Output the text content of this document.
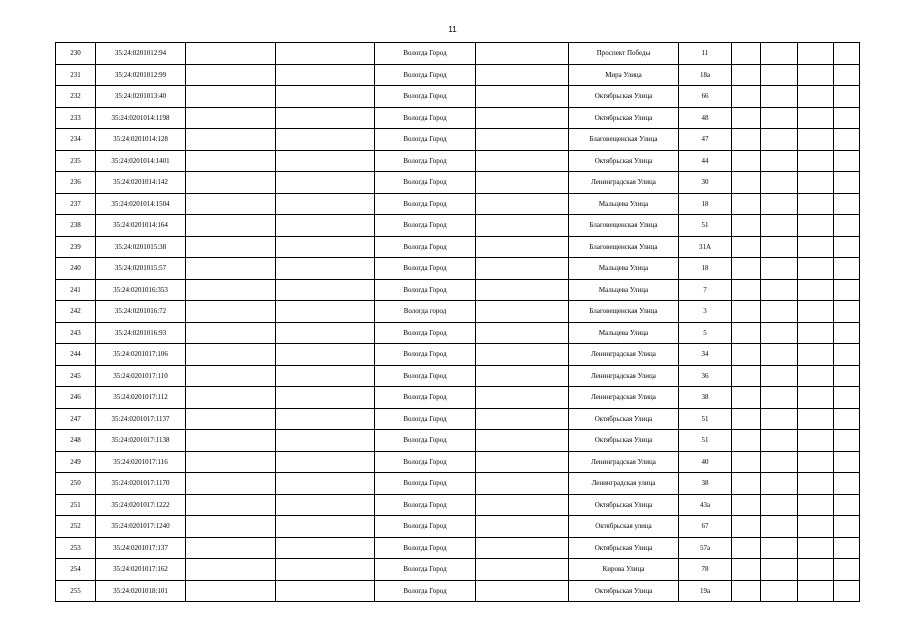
11
230	35:24:0201012:94			Вологда Город		Проспект Победы	11				
231	35:24:0201012:99			Вологда Город		Мира Улица	18а				
232	35:24:0201013:40			Вологда Город		Октябрьская Улица	66				
233	35:24:0201014:1198			Вологда Город		Октябрьская Улица	48				
234	35:24:0201014:128			Вологда Город		Благовещенская Улица	47				
235	35:24:0201014:1401			Вологда Город		Октябрьская Улица	44				
236	35:24:0201014:142			Вологда Город		Ленинградская Улица	30				
237	35:24:0201014:1504			Вологда Город		Мальцева Улица	18				
238	35:24:0201014:164			Вологда Город		Благовещенская Улица	51				
239	35:24:0201015:38			Вологда Город		Благовещенская Улица	31А				
240	35:24:0201015:57			Вологда Город		Мальцева Улица	18				
241	35:24:0201016:353			Вологда Город		Мальцева Улица	7				
242	35:24:0201016:72			Вологда город		Благовещенская Улица	3				
243	35:24:0201016:93			Вологда Город		Мальцева Улица	5				
244	35:24:0201017:106			Вологда Город		Ленинградская Улица	34				
245	35:24:0201017:110			Вологда Город		Ленинградская Улица	36				
246	35:24:0201017:112			Вологда Город		Ленинградская Улица	38				
247	35:24:0201017:1137			Вологда Город		Октябрьская Улица	51				
248	35:24:0201017:1138			Вологда Город		Октябрьская Улица	51				
249	35:24:0201017:116			Вологда Город		Ленинградская Улица	40				
250	35:24:0201017:1170			Вологда Город		Ленинградская улица	38				
251	35:24:0201017:1222			Вологда Город		Октябрьская Улица	43а				
252	35:24:0201017:1240			Вологда Город		Октябрьская улица	67				
253	35:24:0201017:137			Вологда Город		Октябрьская Улица	57а				
254	35:24:0201017:162			Вологда Город		Кирова Улица	78				
255	35:24:0201018:101			Вологда Город		Октябрьская Улица	19а				
